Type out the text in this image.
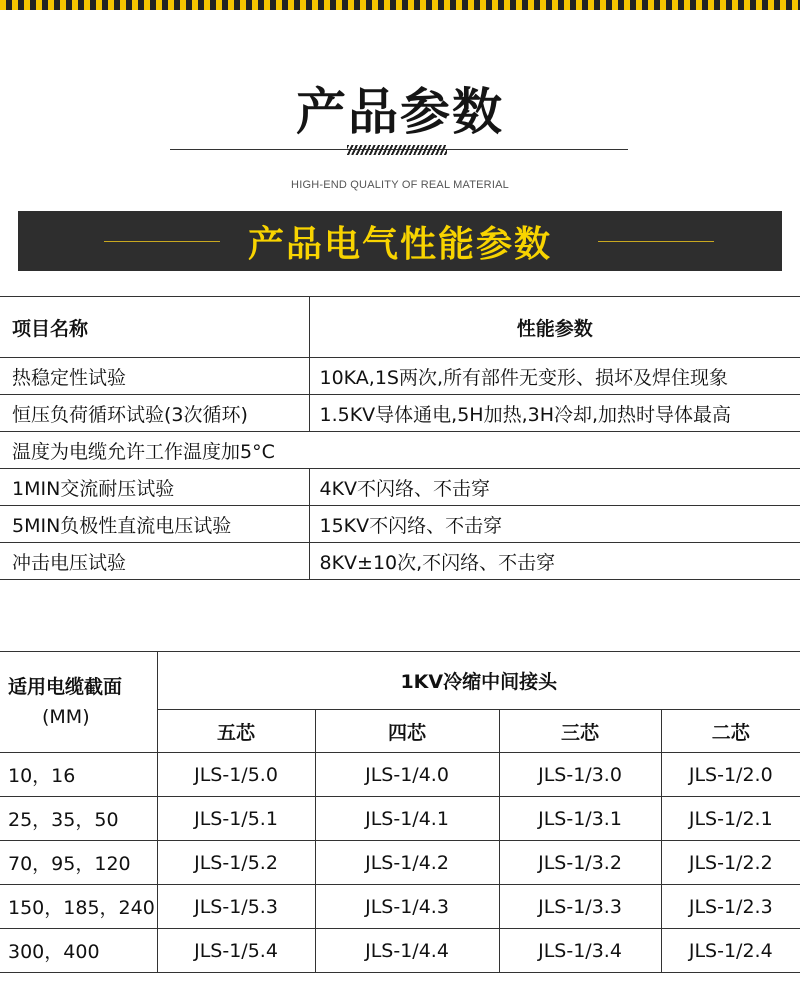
产品参数
HIGH-END QUALITY OF REAL MATERIAL
产品电气性能参数
项目名称	性能参数
热稳定性试验	10KA,1S两次,所有部件无变形、损坏及焊住现象
恒压负荷循环试验(3次循环)	1.5KV导体通电,5H加热,3H冷却,加热时导体最高
温度为电缆允许工作温度加5°C	
1MIN交流耐压试验	4KV不闪络、不击穿
5MIN负极性直流电压试验	15KV不闪络、不击穿
冲击电压试验	8KV±10次,不闪络、不击穿
适用电缆截面
(MM)	1KV冷缩中间接头			
	五芯	四芯	三芯	二芯
10，16	JLS-1/5.0	JLS-1/4.0	JLS-1/3.0	JLS-1/2.0
25，35，50	JLS-1/5.1	JLS-1/4.1	JLS-1/3.1	JLS-1/2.1
70，95，120	JLS-1/5.2	JLS-1/4.2	JLS-1/3.2	JLS-1/2.2
150，185，240	JLS-1/5.3	JLS-1/4.3	JLS-1/3.3	JLS-1/2.3
300，400	JLS-1/5.4	JLS-1/4.4	JLS-1/3.4	JLS-1/2.4
